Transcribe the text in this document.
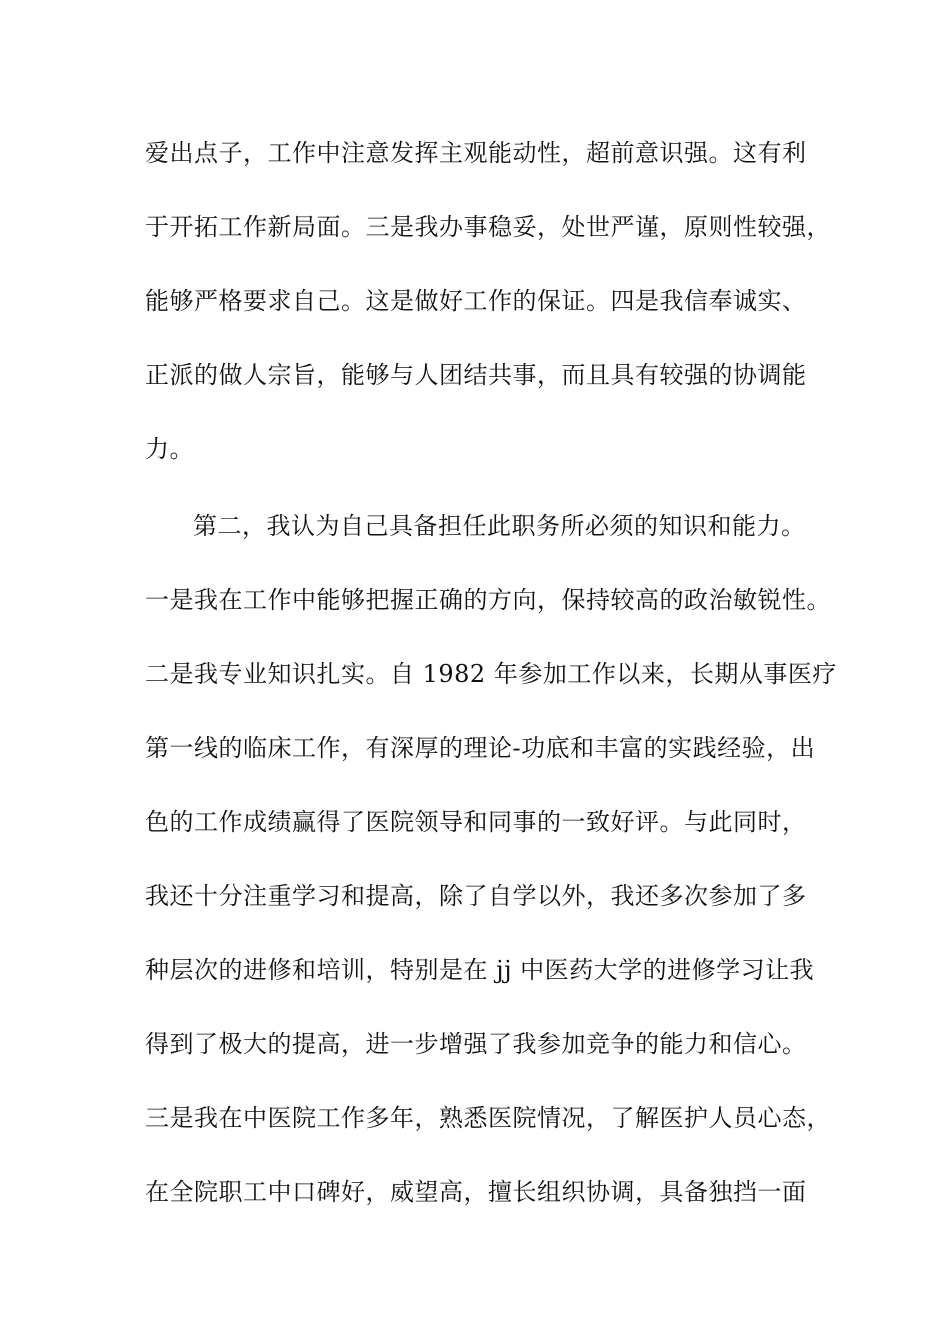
爱出点子，工作中注意发挥主观能动性，超前意识强。这有利
于开拓工作新局面。三是我办事稳妥，处世严谨，原则性较强，
能够严格要求自己。这是做好工作的保证。四是我信奉诚实、
正派的做人宗旨，能够与人团结共事，而且具有较强的协调能
力。
第二，我认为自己具备担任此职务所必须的知识和能力。
一是我在工作中能够把握正确的方向，保持较高的政治敏锐性。
二是我专业知识扎实。自 1982 年参加工作以来，长期从事医疗
第一线的临床工作，有深厚的理论-功底和丰富的实践经验，出
色的工作成绩赢得了医院领导和同事的一致好评。与此同时，
我还十分注重学习和提高，除了自学以外，我还多次参加了多
种层次的进修和培训，特别是在 jj 中医药大学的进修学习让我
得到了极大的提高，进一步增强了我参加竞争的能力和信心。
三是我在中医院工作多年，熟悉医院情况，了解医护人员心态，
在全院职工中口碑好，威望高，擅长组织协调，具备独挡一面
